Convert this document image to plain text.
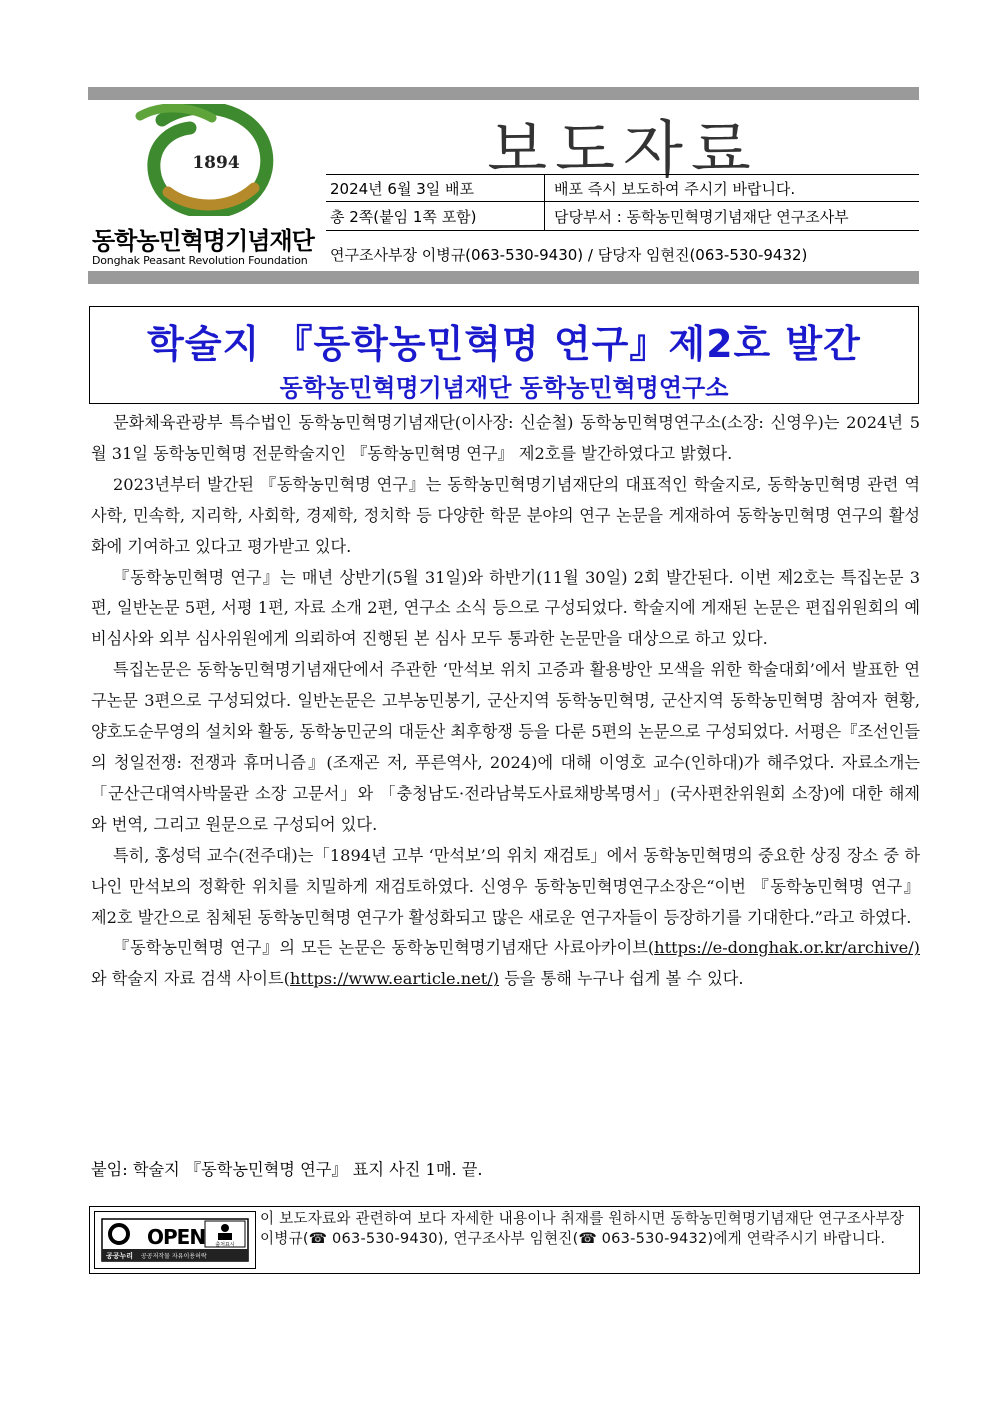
1894
동학농민혁명기념재단
Donghak Peasant Revolution Foundation
보도자료
2024년 6월 3일 배포	배포 즉시 보도하여 주시기 바랍니다.
총 2쪽(붙임 1쪽 포함)	담당부서 : 동학농민혁명기념재단 연구조사부
연구조사부장 이병규(063-530-9430) / 담당자 임현진(063-530-9432)
학술지 『동학농민혁명 연구』제2호 발간
동학농민혁명기념재단 동학농민혁명연구소

문화체육관광부 특수법인 동학농민혁명기념재단(이사장: 신순철) 동학농민혁명연구소(소장: 신영우)는 2024년 5월 31일 동학농민혁명 전문학술지인 『동학농민혁명 연구』 제2호를 발간하였다고 밝혔다.

2023년부터 발간된 『동학농민혁명 연구』는 동학농민혁명기념재단의 대표적인 학술지로, 동학농민혁명 관련 역사학, 민속학, 지리학, 사회학, 경제학, 정치학 등 다양한 학문 분야의 연구 논문을 게재하여 동학농민혁명 연구의 활성화에 기여하고 있다고 평가받고 있다.

『동학농민혁명 연구』는 매년 상반기(5월 31일)와 하반기(11월 30일) 2회 발간된다. 이번 제2호는 특집논문 3편, 일반논문 5편, 서평 1편, 자료 소개 2편, 연구소 소식 등으로 구성되었다. 학술지에 게재된 논문은 편집위원회의 예비심사와 외부 심사위원에게 의뢰하여 진행된 본 심사 모두 통과한 논문만을 대상으로 하고 있다.

특집논문은 동학농민혁명기념재단에서 주관한 ‘만석보 위치 고증과 활용방안 모색을 위한 학술대회’에서 발표한 연구논문 3편으로 구성되었다. 일반논문은 고부농민봉기, 군산지역 동학농민혁명, 군산지역 동학농민혁명 참여자 현황, 양호도순무영의 설치와 활동, 동학농민군의 대둔산 최후항쟁 등을 다룬 5편의 논문으로 구성되었다. 서평은『조선인들의 청일전쟁: 전쟁과 휴머니즘』(조재곤 저, 푸른역사, 2024)에 대해 이영호 교수(인하대)가 해주었다. 자료소개는「군산근대역사박물관 소장 고문서」와 「충청남도·전라남북도사료채방복명서」(국사편찬위원회 소장)에 대한 해제와 번역, 그리고 원문으로 구성되어 있다.

특히, 홍성덕 교수(전주대)는「1894년 고부 ‘만석보’의 위치 재검토」에서 동학농민혁명의 중요한 상징 장소 중 하나인 만석보의 정확한 위치를 치밀하게 재검토하였다. 신영우 동학농민혁명연구소장은“이번 『동학농민혁명 연구』 제2호 발간으로 침체된 동학농민혁명 연구가 활성화되고 많은 새로운 연구자들이 등장하기를 기대한다.”라고 하였다.

『동학농민혁명 연구』의 모든 논문은 동학농민혁명기념재단 사료아카이브(https://e-donghak.or.kr/archive/)와 학술지 자료 검색 사이트(https://www.earticle.net/) 등을 통해 누구나 쉽게 볼 수 있다.

붙임: 학술지 『동학농민혁명 연구』 표지 사진 1매. 끝.
OPEN 출처표시
공공누리 공공저작물 자유이용허락
이 보도자료와 관련하여 보다 자세한 내용이나 취재를 원하시면 동학농민혁명기념재단 연구조사부장 이병규(☎ 063-530-9430), 연구조사부 임현진(☎ 063-530-9432)에게 연락주시기 바랍니다.
